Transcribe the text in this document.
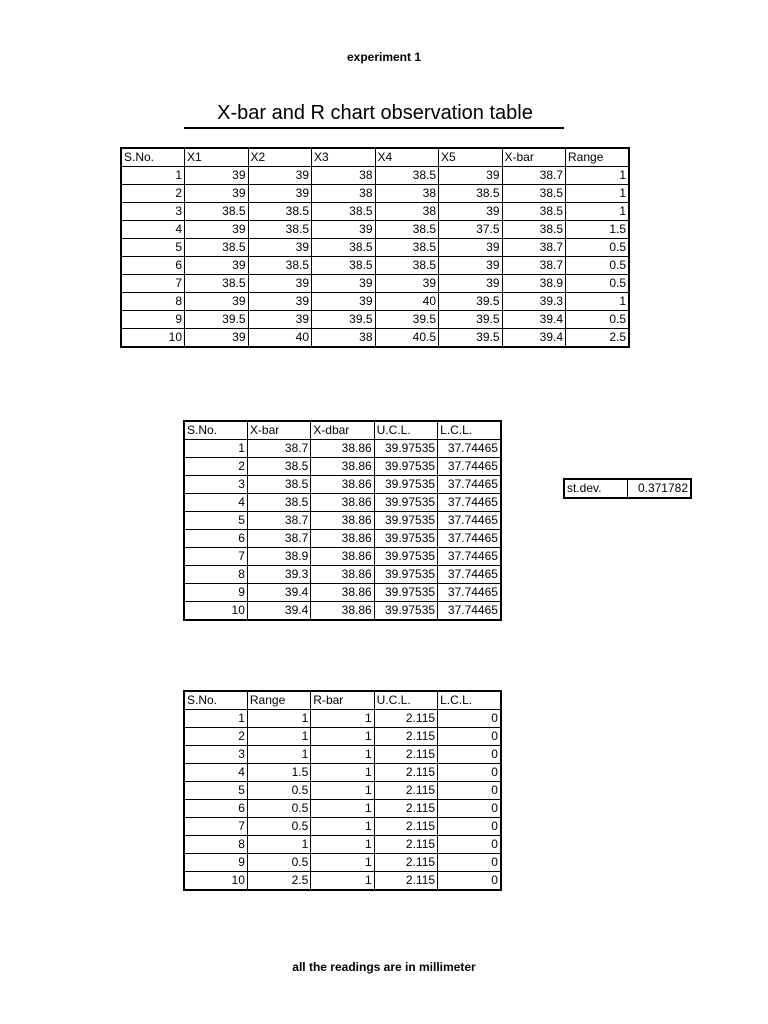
experiment 1
X-bar and R chart observation table
S.No.	X1	X2	X3	X4	X5	X-bar	Range
1	39	39	38	38.5	39	38.7	1
2	39	39	38	38	38.5	38.5	1
3	38.5	38.5	38.5	38	39	38.5	1
4	39	38.5	39	38.5	37.5	38.5	1.5
5	38.5	39	38.5	38.5	39	38.7	0.5
6	39	38.5	38.5	38.5	39	38.7	0.5
7	38.5	39	39	39	39	38.9	0.5
8	39	39	39	40	39.5	39.3	1
9	39.5	39	39.5	39.5	39.5	39.4	0.5
10	39	40	38	40.5	39.5	39.4	2.5
S.No.	X-bar	X-dbar	U.C.L.	L.C.L.
1	38.7	38.86	39.97535	37.74465
2	38.5	38.86	39.97535	37.74465
3	38.5	38.86	39.97535	37.74465
4	38.5	38.86	39.97535	37.74465
5	38.7	38.86	39.97535	37.74465
6	38.7	38.86	39.97535	37.74465
7	38.9	38.86	39.97535	37.74465
8	39.3	38.86	39.97535	37.74465
9	39.4	38.86	39.97535	37.74465
10	39.4	38.86	39.97535	37.74465
st.dev.	0.371782
S.No.	Range	R-bar	U.C.L.	L.C.L.
1	1	1	2.115	0
2	1	1	2.115	0
3	1	1	2.115	0
4	1.5	1	2.115	0
5	0.5	1	2.115	0
6	0.5	1	2.115	0
7	0.5	1	2.115	0
8	1	1	2.115	0
9	0.5	1	2.115	0
10	2.5	1	2.115	0
all the readings are in millimeter
